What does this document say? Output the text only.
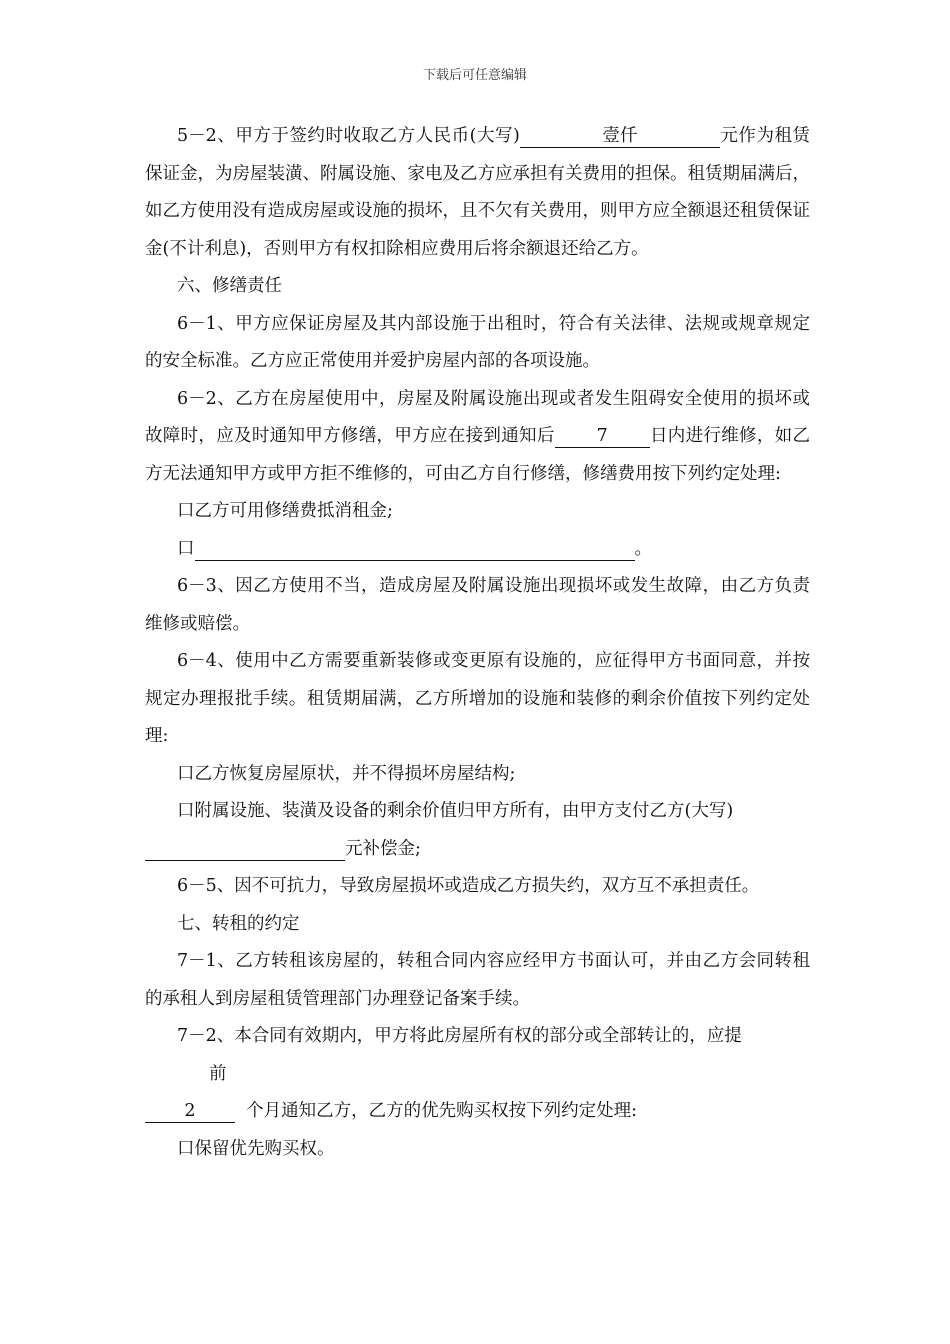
下载后可任意编辑

5－2、甲方于签约时收取乙方人民币(大写)	壹仟	元作为租赁保证金，为房屋装潢、附属设施、家电及乙方应承担有关费用的担保。租赁期届满后，如乙方使用没有造成房屋或设施的损坏，且不欠有关费用，则甲方应全额退还租赁保证金(不计利息)，否则甲方有权扣除相应费用后将余额退还给乙方。

六、修缮责任

6－1、甲方应保证房屋及其内部设施于出租时，符合有关法律、法规或规章规定的安全标准。乙方应正常使用并爱护房屋内部的各项设施。

6－2、乙方在房屋使用中，房屋及附属设施出现或者发生阻碍安全使用的损坏或故障时，应及时通知甲方修缮，甲方应在接到通知后 7 日内进行维修，如乙方无法通知甲方或甲方拒不维修的，可由乙方自行修缮，修缮费用按下列约定处理:

口乙方可用修缮费抵消租金;

口	。

6－3、因乙方使用不当，造成房屋及附属设施出现损坏或发生故障，由乙方负责维修或赔偿。

6－4、使用中乙方需要重新装修或变更原有设施的，应征得甲方书面同意，并按规定办理报批手续。租赁期届满，乙方所增加的设施和装修的剩余价值按下列约定处理:

口乙方恢复房屋原状，并不得损坏房屋结构;

口附属设施、装潢及设备的剩余价值归甲方所有，由甲方支付乙方(大写)

元补偿金;

6－5、因不可抗力，导致房屋损坏或造成乙方损失约，双方互不承担责任。

七、转租的约定

7－1、乙方转租该房屋的，转租合同内容应经甲方书面认可，并由乙方会同转租的承租人到房屋租赁管理部门办理登记备案手续。

7－2、本合同有效期内，甲方将此房屋所有权的部分或全部转让的，应提

前

2	个月通知乙方，乙方的优先购买权按下列约定处理:

口保留优先购买权。
